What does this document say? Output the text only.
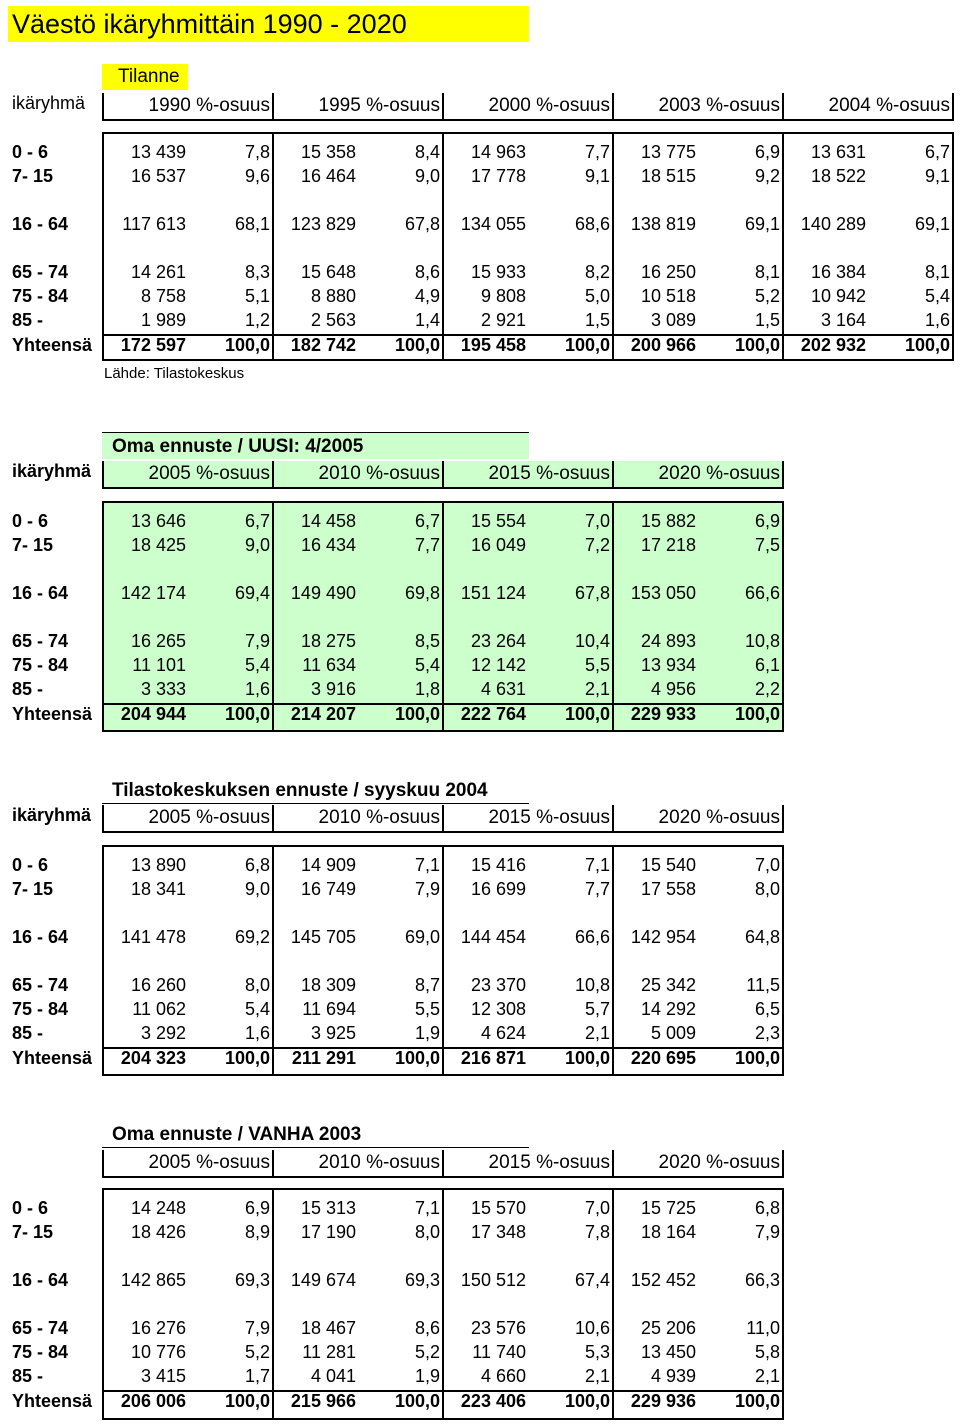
Väestö ikäryhmittäin 1990 - 2020
Tilanne
ikäryhmä	1990 %-osuus	1995 %-osuus	2000 %-osuus	2003 %-osuus	2004 %-osuus
0 - 6	13 439	7,8	15 358	8,4	14 963	7,7	13 775	6,9	13 631	6,7
7- 15	16 537	9,6	16 464	9,0	17 778	9,1	18 515	9,2	18 522	9,1
16 - 64	117 613	68,1	123 829	67,8	134 055	68,6	138 819	69,1	140 289	69,1
65 - 74	14 261	8,3	15 648	8,6	15 933	8,2	16 250	8,1	16 384	8,1
75 - 84	8 758	5,1	8 880	4,9	9 808	5,0	10 518	5,2	10 942	5,4
85 -	1 989	1,2	2 563	1,4	2 921	1,5	3 089	1,5	3 164	1,6
Yhteensä	172 597	100,0	182 742	100,0	195 458	100,0	200 966	100,0	202 932	100,0
Lähde: Tilastokeskus
Oma ennuste / UUSI: 4/2005
ikäryhmä	2005 %-osuus	2010 %-osuus	2015 %-osuus	2020 %-osuus
0 - 6	13 646	6,7	14 458	6,7	15 554	7,0	15 882	6,9
7- 15	18 425	9,0	16 434	7,7	16 049	7,2	17 218	7,5
16 - 64	142 174	69,4	149 490	69,8	151 124	67,8	153 050	66,6
65 - 74	16 265	7,9	18 275	8,5	23 264	10,4	24 893	10,8
75 - 84	11 101	5,4	11 634	5,4	12 142	5,5	13 934	6,1
85 -	3 333	1,6	3 916	1,8	4 631	2,1	4 956	2,2
Yhteensä	204 944	100,0	214 207	100,0	222 764	100,0	229 933	100,0
Tilastokeskuksen ennuste / syyskuu 2004
ikäryhmä	2005 %-osuus	2010 %-osuus	2015 %-osuus	2020 %-osuus
0 - 6	13 890	6,8	14 909	7,1	15 416	7,1	15 540	7,0
7- 15	18 341	9,0	16 749	7,9	16 699	7,7	17 558	8,0
16 - 64	141 478	69,2	145 705	69,0	144 454	66,6	142 954	64,8
65 - 74	16 260	8,0	18 309	8,7	23 370	10,8	25 342	11,5
75 - 84	11 062	5,4	11 694	5,5	12 308	5,7	14 292	6,5
85 -	3 292	1,6	3 925	1,9	4 624	2,1	5 009	2,3
Yhteensä	204 323	100,0	211 291	100,0	216 871	100,0	220 695	100,0
Oma ennuste / VANHA 2003
2005 %-osuus	2010 %-osuus	2015 %-osuus	2020 %-osuus
0 - 6	14 248	6,9	15 313	7,1	15 570	7,0	15 725	6,8
7- 15	18 426	8,9	17 190	8,0	17 348	7,8	18 164	7,9
16 - 64	142 865	69,3	149 674	69,3	150 512	67,4	152 452	66,3
65 - 74	16 276	7,9	18 467	8,6	23 576	10,6	25 206	11,0
75 - 84	10 776	5,2	11 281	5,2	11 740	5,3	13 450	5,8
85 -	3 415	1,7	4 041	1,9	4 660	2,1	4 939	2,1
Yhteensä	206 006	100,0	215 966	100,0	223 406	100,0	229 936	100,0
